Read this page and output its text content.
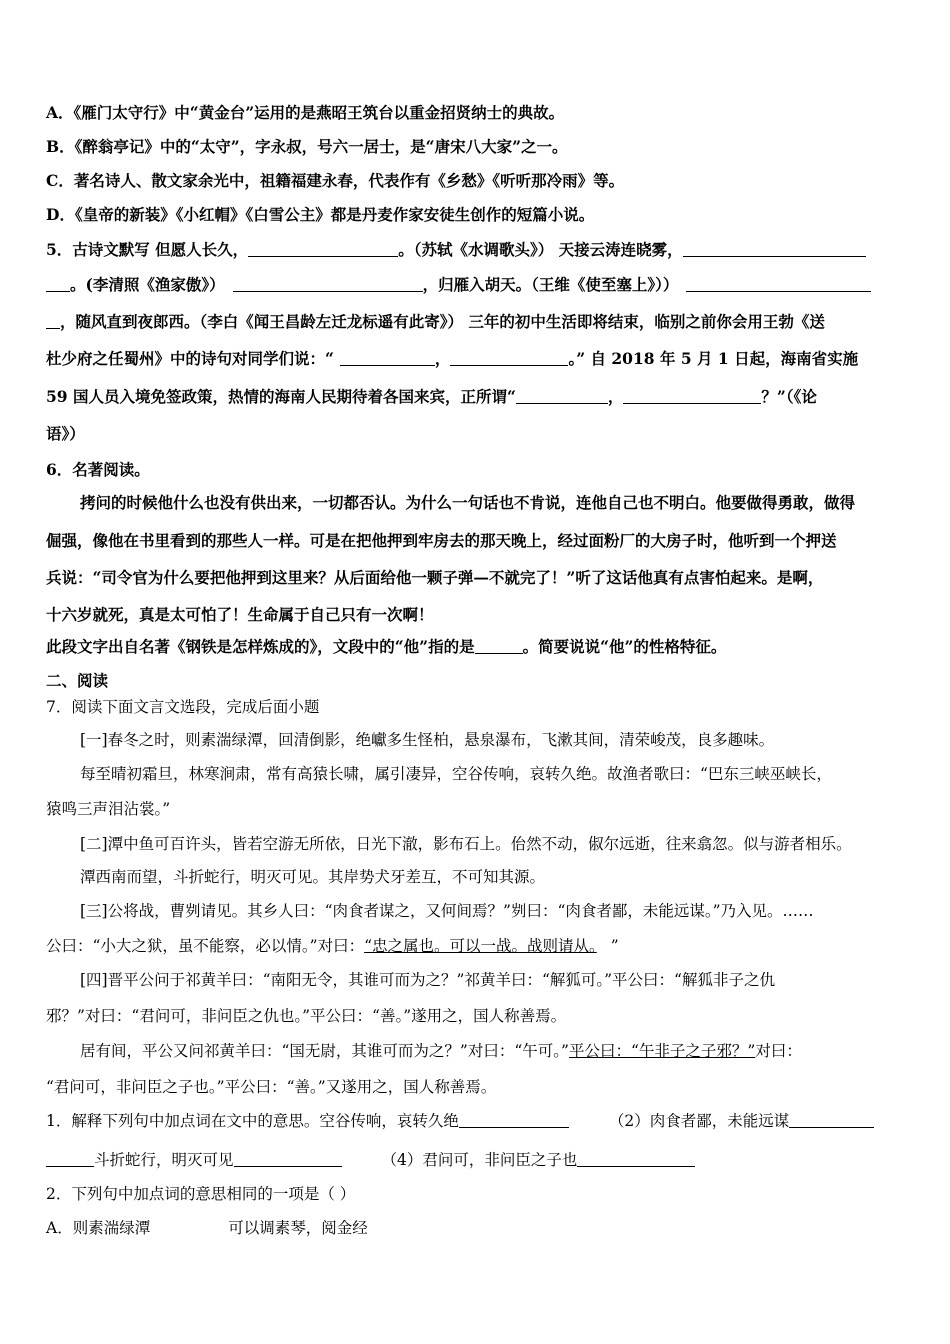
A．《雁门太守行》中“黄金台”运用的是燕昭王筑台以重金招贤纳士的典故。
B．《醉翁亭记》中的“太守”，字永叔，号六一居士，是“唐宋八大家”之一。
C．著名诗人、散文家余光中，祖籍福建永春，代表作有《乡愁》《听听那冷雨》等。
D．《皇帝的新装》《小红帽》《白雪公主》都是丹麦作家安徒生创作的短篇小说。
5．古诗文默写 但愿人长久，	。（苏轼《水调歌头》） 天接云涛连晓雾，
。(李清照《渔家傲》）	，归雁入胡天。（王维《使至塞上》））
，随风直到夜郎西。（李白《闻王昌龄左迁龙标遥有此寄》） 三年的初中生活即将结束，临别之前你会用王勃《送
杜少府之任蜀州》中的诗句对同学们说：“	，	。” 自 2018 年 5 月 1 日起，海南省实施
59 国人员入境免签政策，热情的海南人民期待着各国来宾，正所谓“	，	？”（《论
语》）
6．名著阅读。
拷问的时候他什么也没有供出来，一切都否认。为什么一句话也不肯说，连他自己也不明白。他要做得勇敢，做得
倔强，像他在书里看到的那些人一样。可是在把他押到牢房去的那天晚上，经过面粉厂的大房子时，他听到一个押送
兵说：“司令官为什么要把他押到这里来？从后面给他一颗子弹—不就完了！”听了这话他真有点害怕起来。是啊，
十六岁就死，真是太可怕了！生命属于自己只有一次啊！
此段文字出自名著《钢铁是怎样炼成的》，文段中的“他”指的是	。简要说说“他”的性格特征。
二、阅读
7．阅读下面文言文选段，完成后面小题
[一]春冬之时，则素湍绿潭，回清倒影，绝巘多生怪柏，悬泉瀑布，飞漱其间，清荣峻茂，良多趣味。
每至晴初霜旦，林寒涧肃，常有高猿长啸，属引凄异，空谷传响，哀转久绝。故渔者歌曰：“巴东三峡巫峡长，
猿鸣三声泪沾裳。”
[二]潭中鱼可百许头，皆若空游无所依，日光下澈，影布石上。佁然不动，俶尔远逝，往来翕忽。似与游者相乐。
潭西南而望，斗折蛇行，明灭可见。其岸势犬牙差互，不可知其源。
[三]公将战，曹刿请见。其乡人曰：“肉食者谋之，又何间焉？”刿曰：“肉食者鄙，未能远谋。”乃入见。……
公曰：“小大之狱，虽不能察，必以情。”对曰：“忠之属也。可以一战。战则请从。 ”
[四]晋平公问于祁黄羊曰：“南阳无令，其谁可而为之？”祁黄羊曰：“解狐可。”平公曰：“解狐非子之仇
邪？”对曰：“君问可，非问臣之仇也。”平公曰：“善。”遂用之，国人称善焉。
居有间，平公又问祁黄羊曰：“国无尉，其谁可而为之？”对曰：“午可。”平公曰：“午非子之子邪？”对曰：
“君问可，非问臣之子也。”平公曰：“善。”又遂用之，国人称善焉。
1．解释下列句中加点词在文中的意思。空谷传响，哀转久绝	（2）肉食者鄙，未能远谋
斗折蛇行，明灭可见	（4）君问可，非问臣之子也
2．下列句中加点词的意思相同的一项是（ ）
A．则素湍绿潭	可以调素琴，阅金经
